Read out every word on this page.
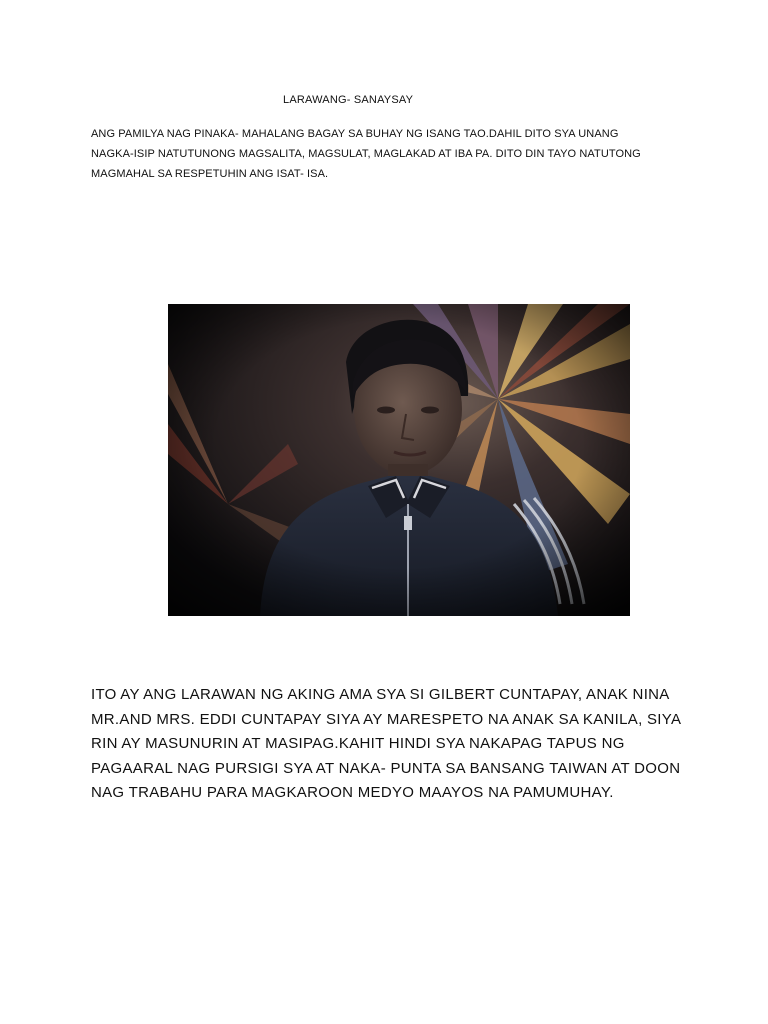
LARAWANG- SANAYSAY
ANG PAMILYA NAG PINAKA- MAHALANG BAGAY SA BUHAY NG ISANG TAO.DAHIL DITO SYA UNANG
NAGKA-ISIP NATUTUNONG MAGSALITA, MAGSULAT, MAGLAKAD AT IBA PA. DITO DIN TAYO NATUTONG
MAGMAHAL SA RESPETUHIN ANG ISAT- ISA.
ITO AY ANG LARAWAN NG AKING AMA SYA SI GILBERT CUNTAPAY, ANAK NINA
MR.AND MRS. EDDI CUNTAPAY SIYA AY MARESPETO NA ANAK SA KANILA, SIYA
RIN AY MASUNURIN AT MASIPAG.KAHIT HINDI SYA NAKAPAG TAPUS NG
PAGAARAL NAG PURSIGI SYA AT NAKA- PUNTA SA BANSANG TAIWAN AT DOON
NAG TRABAHU PARA MAGKAROON MEDYO MAAYOS NA PAMUMUHAY.
